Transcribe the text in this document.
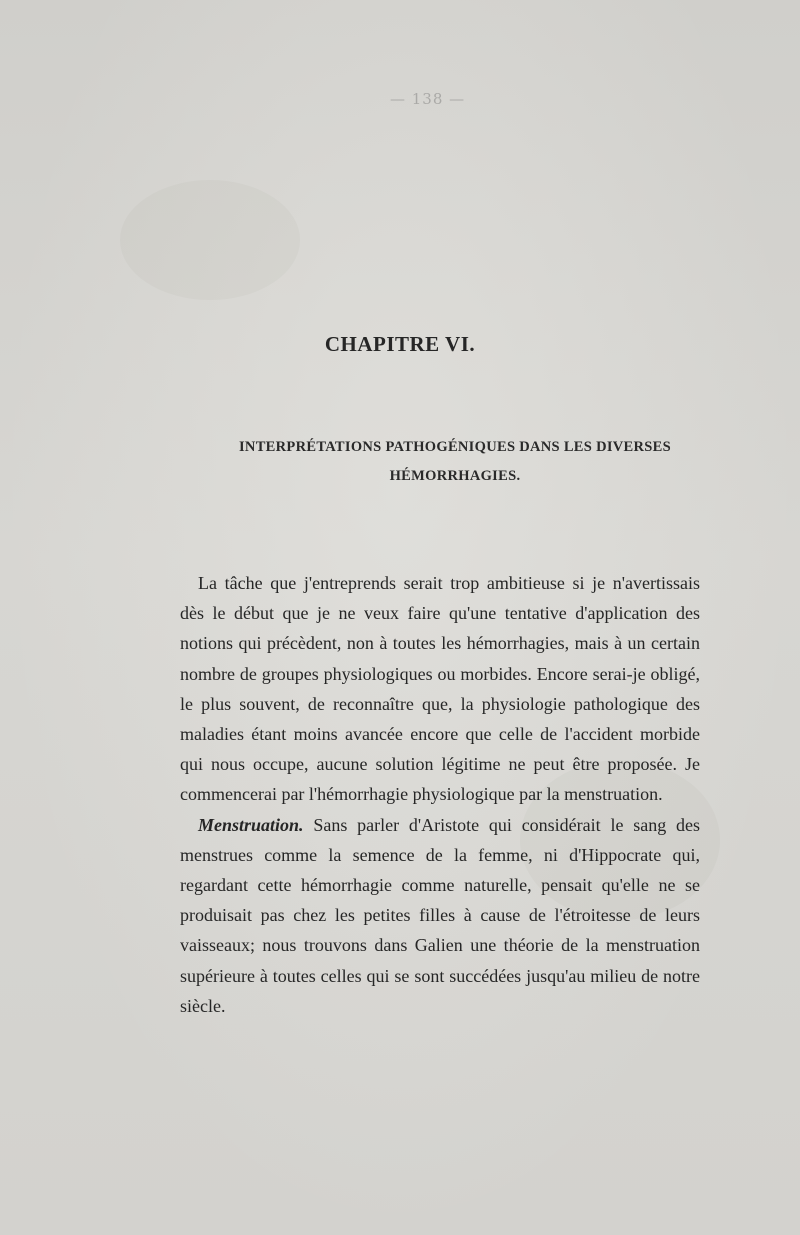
— 138 —
CHAPITRE VI.
INTERPRÉTATIONS PATHOGÉNIQUES DANS LES DIVERSES
HÉMORRHAGIES.

La tâche que j'entreprends serait trop ambitieuse si je n'avertissais dès le début que je ne veux faire qu'une tentative d'application des notions qui précèdent, non à toutes les hémorrhagies, mais à un certain nombre de groupes physiologiques ou morbides. Encore serai-je obligé, le plus souvent, de reconnaître que, la physiologie pathologique des maladies étant moins avancée encore que celle de l'accident morbide qui nous occupe, aucune solution légitime ne peut être proposée. Je commencerai par l'hémorrhagie physiologique par la menstruation.

Menstruation. Sans parler d'Aristote qui considérait le sang des menstrues comme la semence de la femme, ni d'Hippocrate qui, regardant cette hémorrhagie comme naturelle, pensait qu'elle ne se produisait pas chez les petites filles à cause de l'étroitesse de leurs vaisseaux; nous trouvons dans Galien une théorie de la menstruation supérieure à toutes celles qui se sont succédées jusqu'au milieu de notre siècle.
